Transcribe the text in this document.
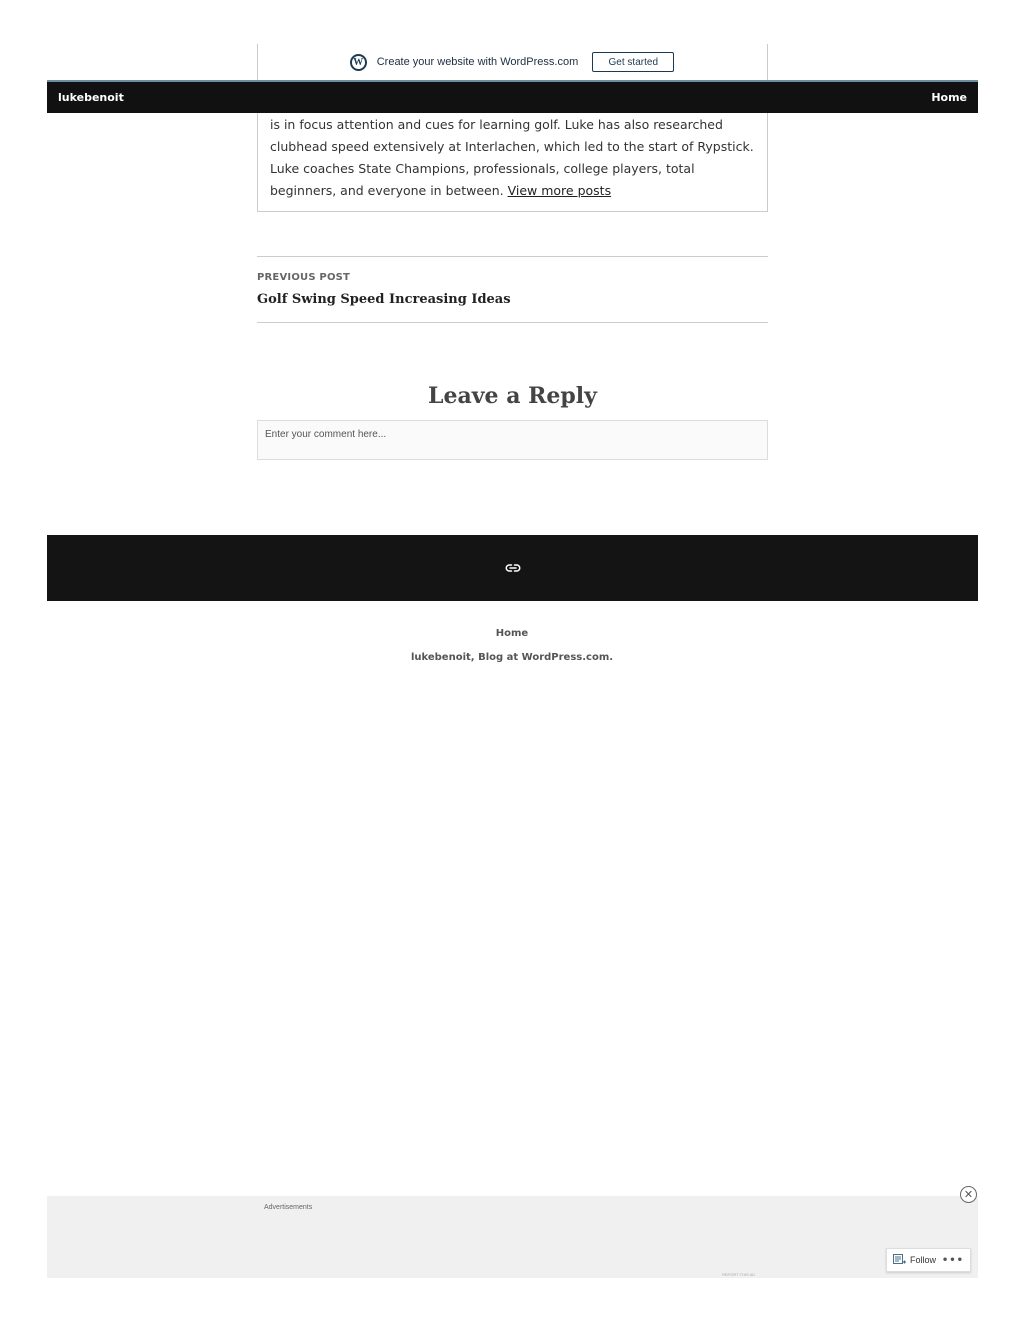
is in focus attention and cues for learning golf. Luke has also researched clubhead speed extensively at Interlachen, which led to the start of Rypstick. Luke coaches State Champions, professionals, college players, total beginners, and everyone in between. View more posts

W	Create your website with WordPress.com	Get started
lukebenoit	Home
PREVIOUS POST
Golf Swing Speed Increasing Ideas
Leave a Reply
Enter your comment here...
Home
lukebenoit, Blog at WordPress.com.
Advertisements
REPORT THIS AD
✕
Follow •••
